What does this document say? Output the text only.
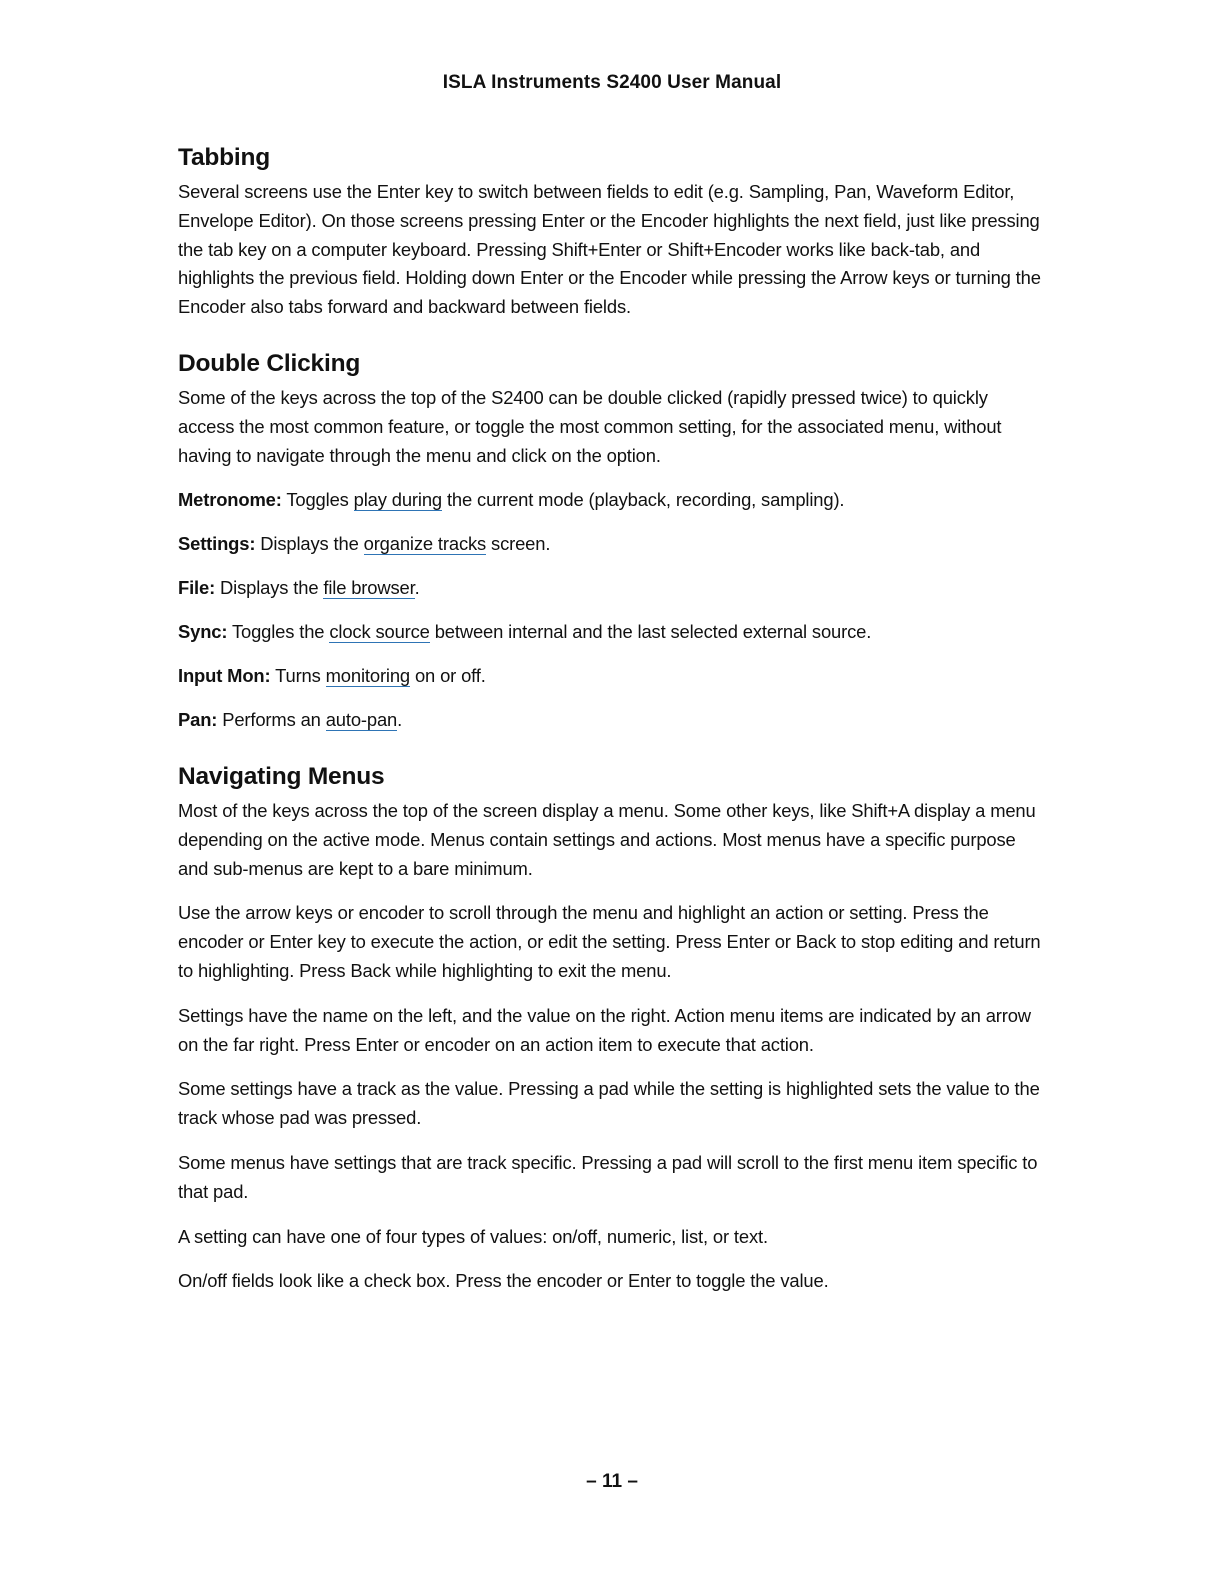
ISLA Instruments S2400 User Manual
Tabbing

Several screens use the Enter key to switch between fields to edit (e.g. Sampling, Pan, Waveform Editor, Envelope Editor). On those screens pressing Enter or the Encoder highlights the next field, just like pressing the tab key on a computer keyboard. Pressing Shift+Enter or Shift+Encoder works like back-tab, and highlights the previous field. Holding down Enter or the Encoder while pressing the Arrow keys or turning the Encoder also tabs forward and backward between fields.

Double Clicking

Some of the keys across the top of the S2400 can be double clicked (rapidly pressed twice) to quickly access the most common feature, or toggle the most common setting, for the associated menu, without having to navigate through the menu and click on the option.

Metronome: Toggles play during the current mode (playback, recording, sampling).

Settings: Displays the organize tracks screen.

File: Displays the file browser.

Sync: Toggles the clock source between internal and the last selected external source.

Input Mon: Turns monitoring on or off.

Pan: Performs an auto-pan.

Navigating Menus

Most of the keys across the top of the screen display a menu. Some other keys, like Shift+A display a menu depending on the active mode. Menus contain settings and actions. Most menus have a specific purpose and sub-menus are kept to a bare minimum.

Use the arrow keys or encoder to scroll through the menu and highlight an action or setting. Press the encoder or Enter key to execute the action, or edit the setting. Press Enter or Back to stop editing and return to highlighting. Press Back while highlighting to exit the menu.

Settings have the name on the left, and the value on the right. Action menu items are indicated by an arrow on the far right. Press Enter or encoder on an action item to execute that action.

Some settings have a track as the value. Pressing a pad while the setting is highlighted sets the value to the track whose pad was pressed.

Some menus have settings that are track specific. Pressing a pad will scroll to the first menu item specific to that pad.

A setting can have one of four types of values: on/off, numeric, list, or text.

On/off fields look like a check box. Press the encoder or Enter to toggle the value.

– 11 –
